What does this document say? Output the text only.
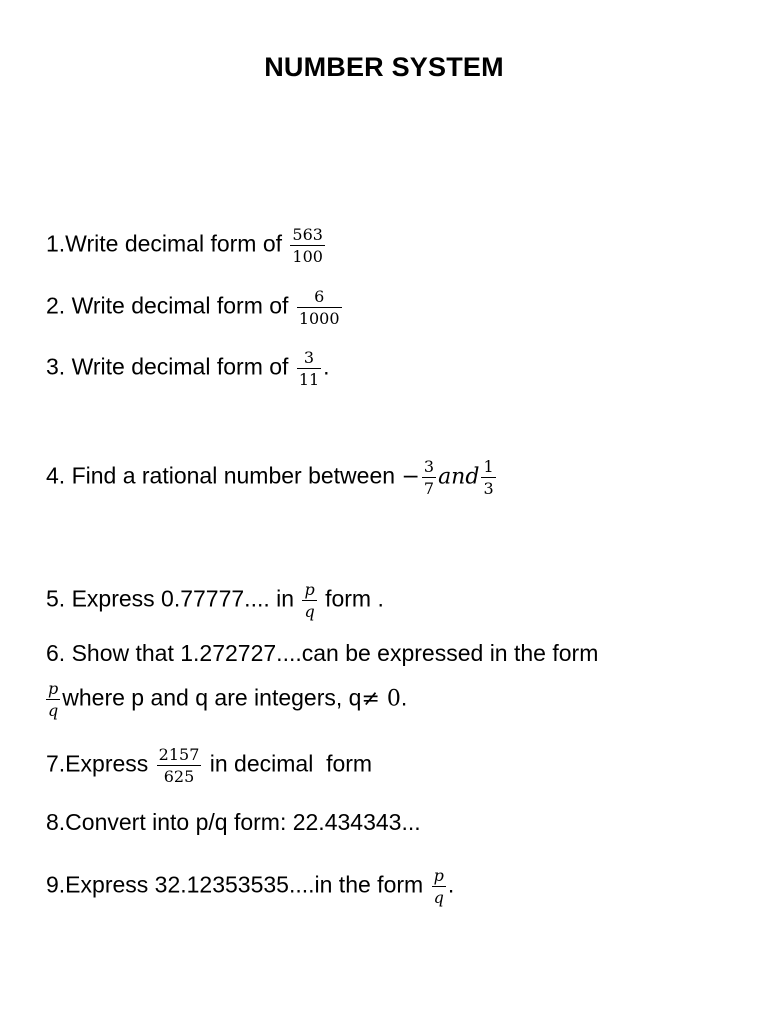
NUMBER SYSTEM
1.Write decimal form of $\frac{563}{100}$
2. Write decimal form of $\frac{6}{1000}$
3. Write decimal form of $\frac{3}{11}$ .
4. Find a rational number between − $\frac{3}{7}$ and $\frac{1}{3}$
5. Express 0.77777.... in $\frac{p}{q}$ form .
6. Show that 1.272727....can be expressed in the form
$\frac{p}{q}$ where p and q are integers, q≠ 0.
7.Express $\frac{2157}{625}$ in decimal  form
8.Convert into p/q form: 22.434343...
9.Express 32.12353535....in the form $\frac{p}{q}$ .
